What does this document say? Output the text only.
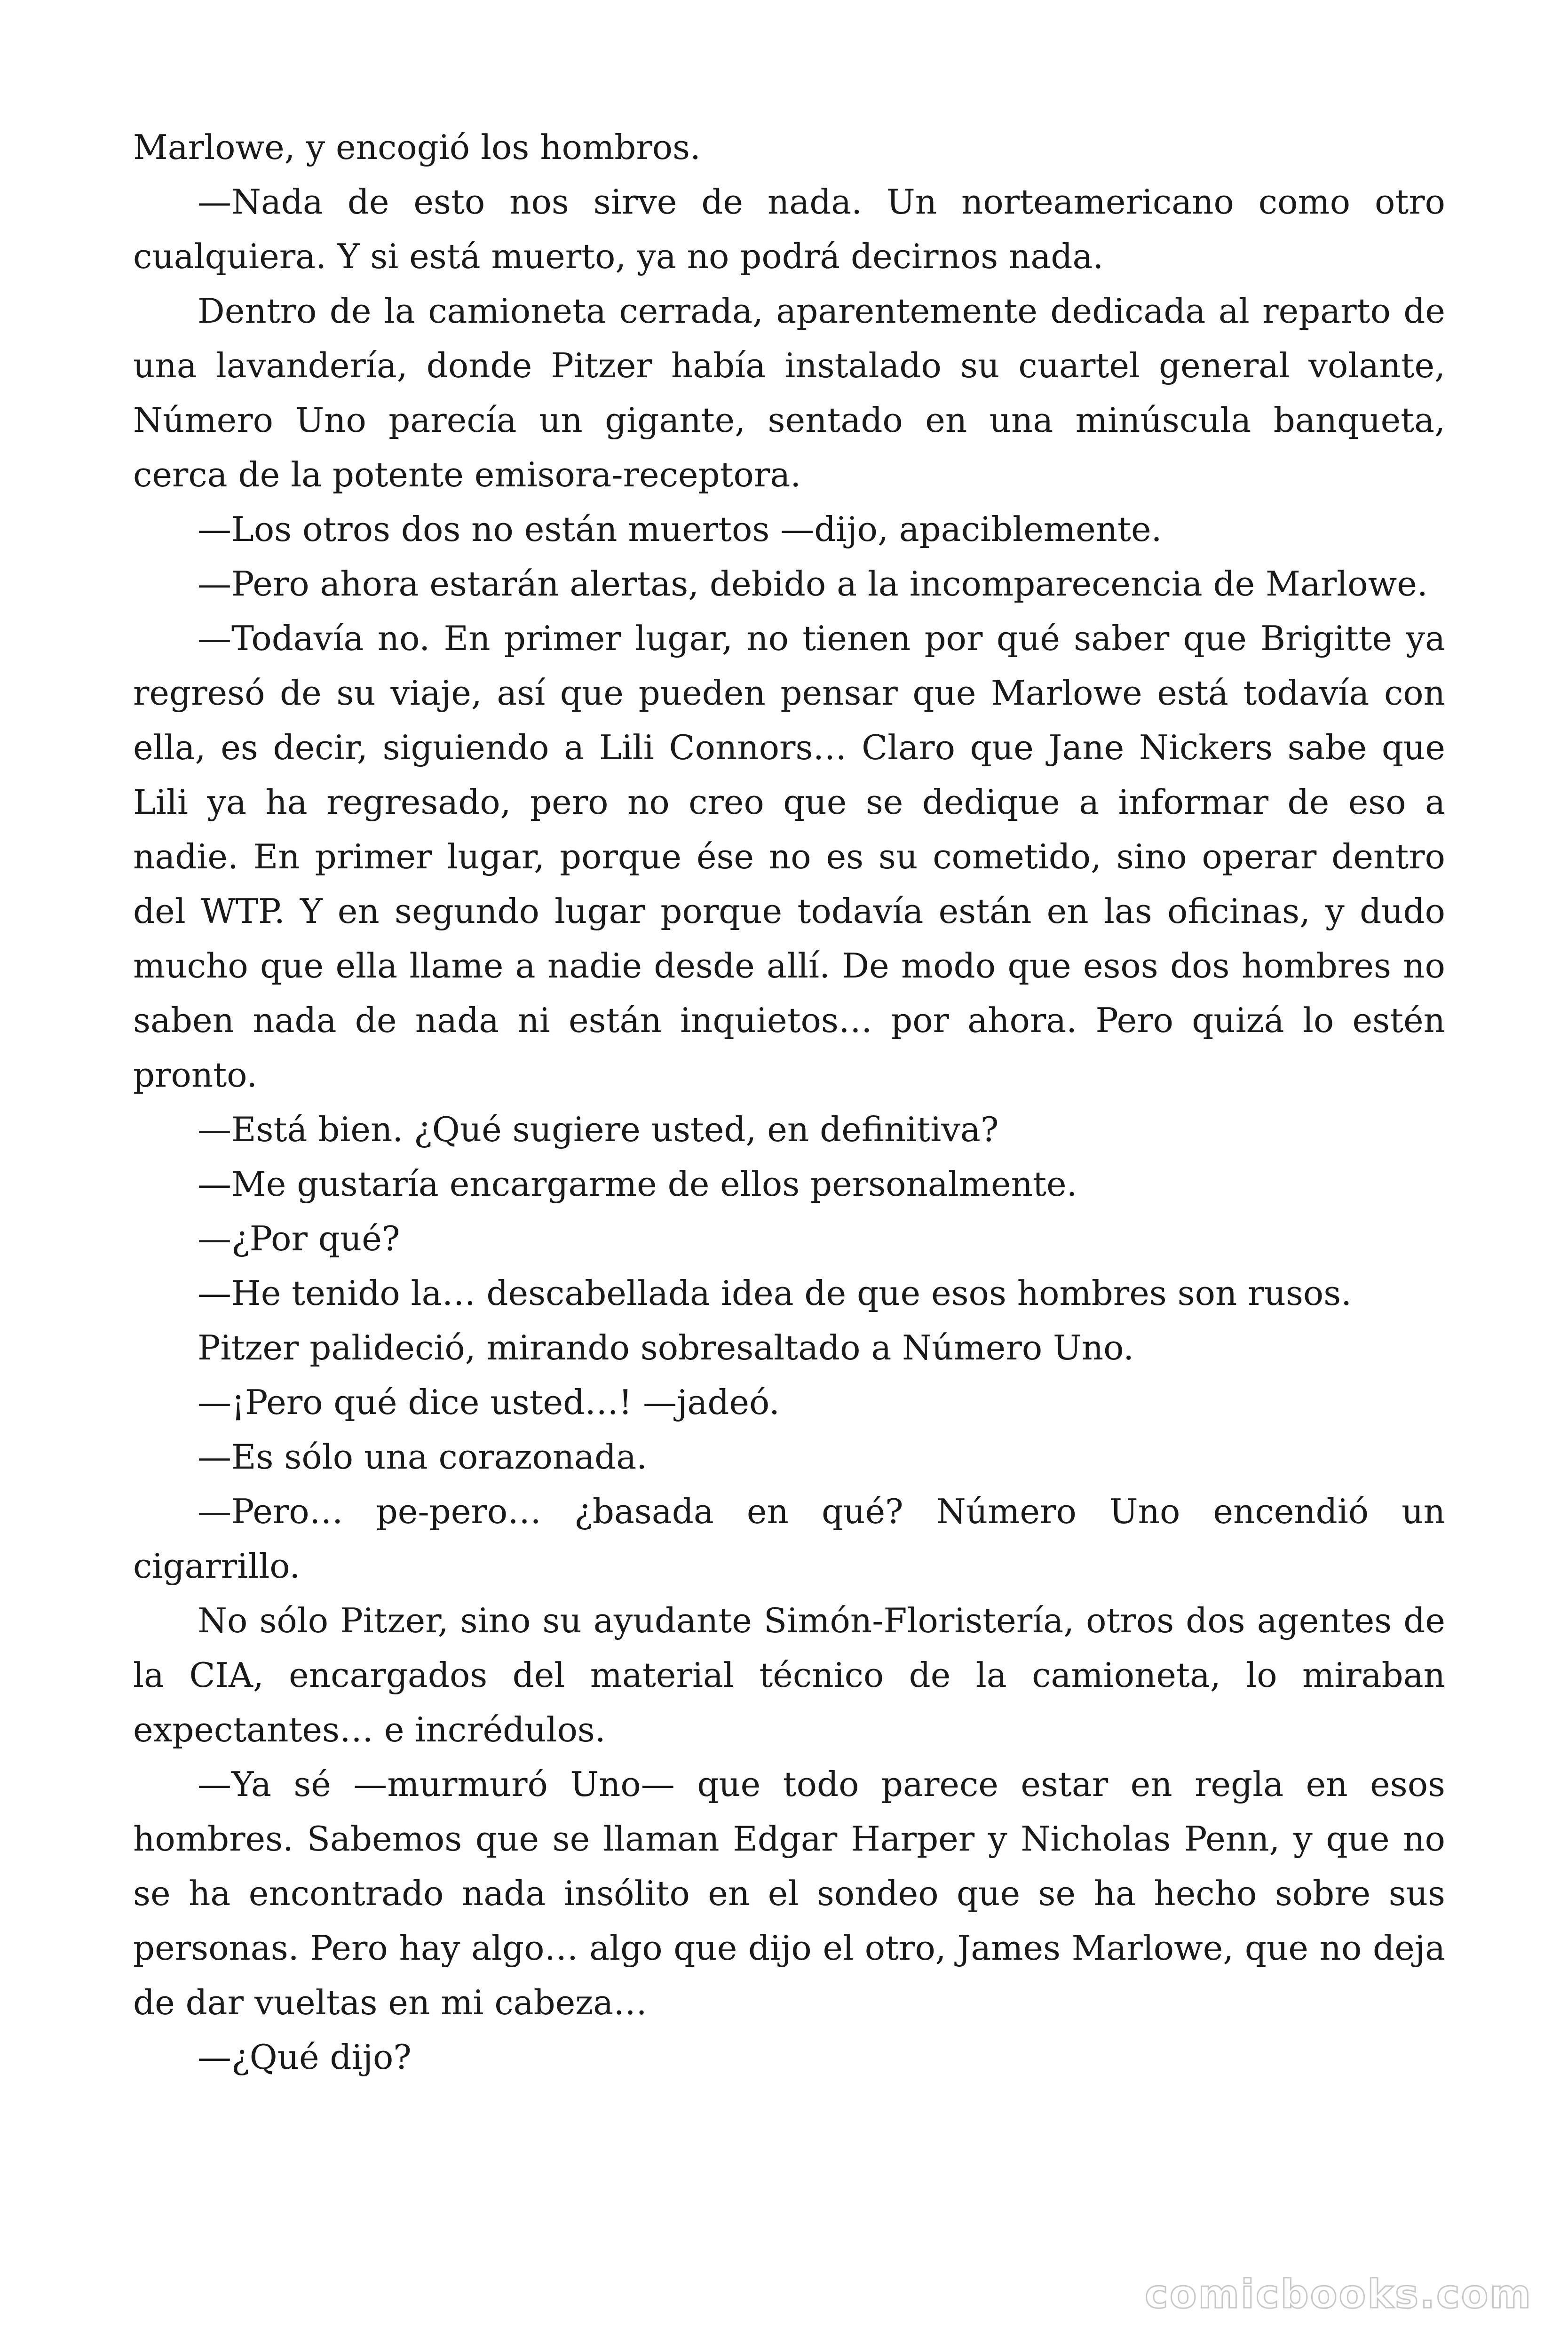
Marlowe, y encogió los hombros.

—Nada de esto nos sirve de nada. Un norteamericano como otro cualquiera. Y si está muerto, ya no podrá decirnos nada.

Dentro de la camioneta cerrada, aparentemente dedicada al reparto de una lavandería, donde Pitzer había instalado su cuartel general volante, Número Uno parecía un gigante, sentado en una minúscula banqueta, cerca de la potente emisora-receptora.

—Los otros dos no están muertos —dijo, apaciblemente.

—Pero ahora estarán alertas, debido a la incomparecencia de Marlowe.

—Todavía no. En primer lugar, no tienen por qué saber que Brigitte ya regresó de su viaje, así que pueden pensar que Marlowe está todavía con ella, es decir, siguiendo a Lili Connors… Claro que Jane Nickers sabe que Lili ya ha regresado, pero no creo que se dedique a informar de eso a nadie. En primer lugar, porque ése no es su cometido, sino operar dentro del WTP. Y en segundo lugar porque todavía están en las oficinas, y dudo mucho que ella llame a nadie desde allí. De modo que esos dos hombres no saben nada de nada ni están inquietos… por ahora. Pero quizá lo estén pronto.

—Está bien. ¿Qué sugiere usted, en definitiva?

—Me gustaría encargarme de ellos personalmente.

—¿Por qué?

—He tenido la… descabellada idea de que esos hombres son rusos.

Pitzer palideció, mirando sobresaltado a Número Uno.

—¡Pero qué dice usted…! —jadeó.

—Es sólo una corazonada.

—Pero… pe-pero… ¿basada en qué? Número Uno encendió un cigarrillo.

No sólo Pitzer, sino su ayudante Simón-Floristería, otros dos agentes de la CIA, encargados del material técnico de la camioneta, lo miraban expectantes… e incrédulos.

—Ya sé —murmuró Uno— que todo parece estar en regla en esos hombres. Sabemos que se llaman Edgar Harper y Nicholas Penn, y que no se ha encontrado nada insólito en el sondeo que se ha hecho sobre sus personas. Pero hay algo… algo que dijo el otro, James Marlowe, que no deja de dar vueltas en mi cabeza…

—¿Qué dijo?

comicbooks.com
